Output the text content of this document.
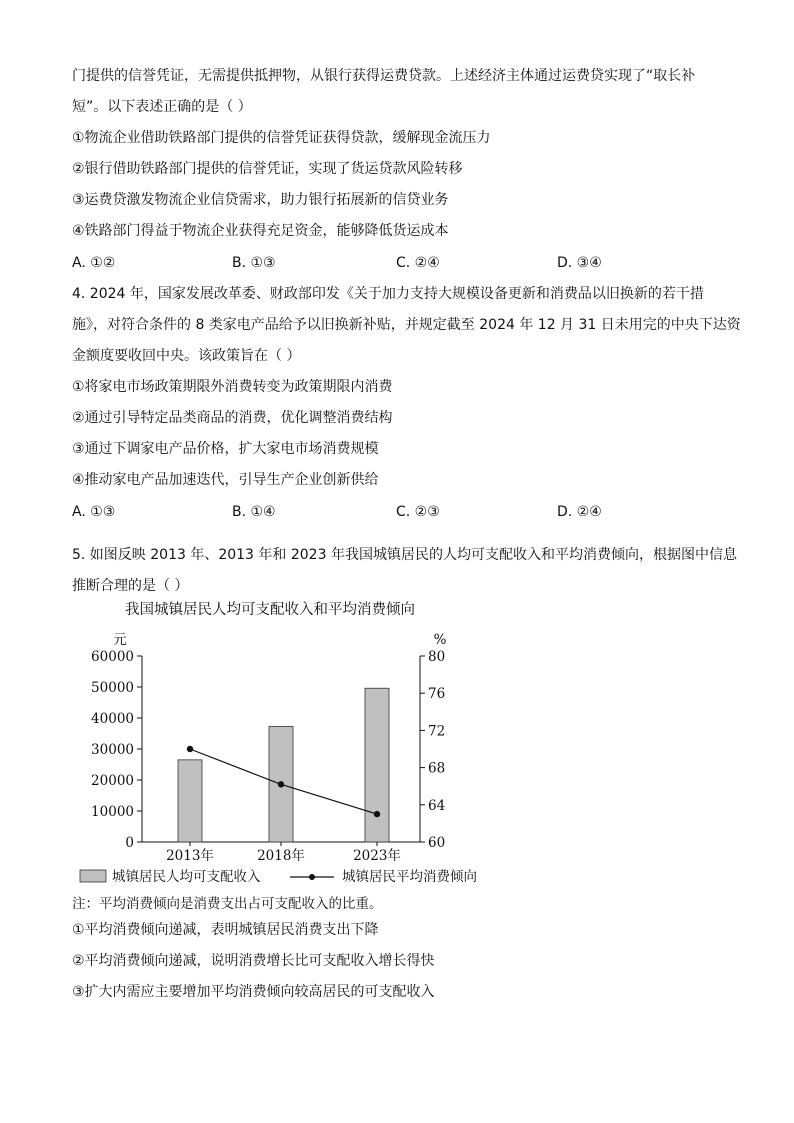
门提供的信誉凭证，无需提供抵押物，从银行获得运费贷款。上述经济主体通过运费贷实现了“取长补
短”。以下表述正确的是（ ）
①物流企业借助铁路部门提供的信誉凭证获得贷款，缓解现金流压力
②银行借助铁路部门提供的信誉凭证，实现了货运贷款风险转移
③运费贷激发物流企业信贷需求，助力银行拓展新的信贷业务
④铁路部门得益于物流企业获得充足资金，能够降低货运成本
A. ①②	B. ①③	C. ②④	D. ③④
4. 2024 年，国家发展改革委、财政部印发《关于加力支持大规模设备更新和消费品以旧换新的若干措
施》，对符合条件的 8 类家电产品给予以旧换新补贴，并规定截至 2024 年 12 月 31 日未用完的中央下达资
金额度要收回中央。该政策旨在（ ）
①将家电市场政策期限外消费转变为政策期限内消费
②通过引导特定品类商品的消费，优化调整消费结构
③通过下调家电产品价格，扩大家电市场消费规模
④推动家电产品加速迭代，引导生产企业创新供给
A. ①③	B. ①④	C. ②③	D. ②④
5. 如图反映 2013 年、2013 年和 2023 年我国城镇居民的人均可支配收入和平均消费倾向，根据图中信息
推断合理的是（ ）
我国城镇居民人均可支配收入和平均消费倾向
元	%
60000
50000
40000
30000
20000
10000
0
80
76
72
68
64
60
2013年	2018年	2023年
城镇居民人均可支配收入	城镇居民平均消费倾向
注：平均消费倾向是消费支出占可支配收入的比重。
①平均消费倾向递减，表明城镇居民消费支出下降
②平均消费倾向递减，说明消费增长比可支配收入增长得快
③扩大内需应主要增加平均消费倾向较高居民的可支配收入
